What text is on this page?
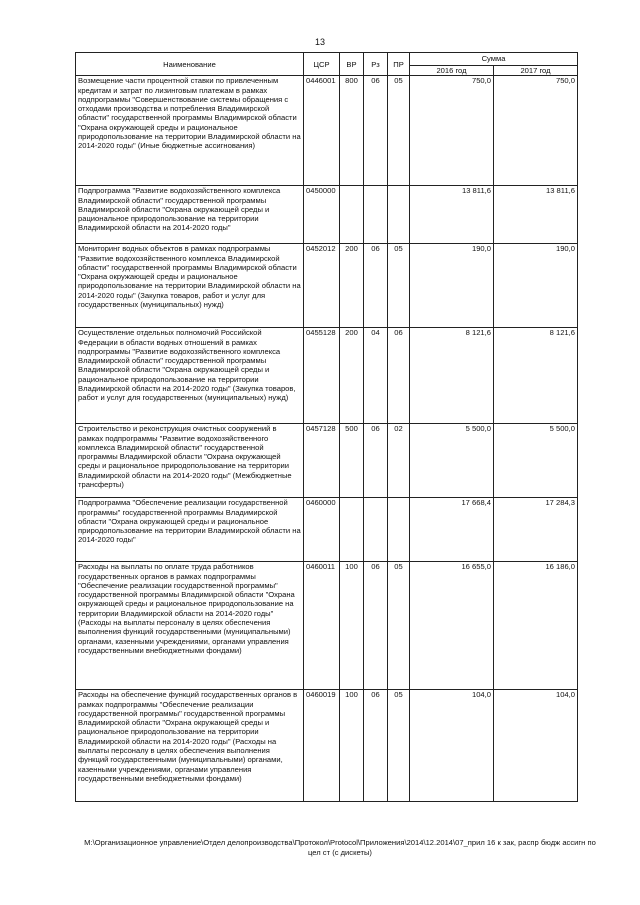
13
Наименование	ЦСР	ВР	Рз	ПР	Сумма	
					2016 год	2017 год
Возмещение части процентной ставки по привлеченным кредитам и затрат по лизинговым платежам в рамках подпрограммы "Совершенствование системы обращения с отходами производства и потребления Владимирской области" государственной программы Владимирской области "Охрана окружающей среды и рациональное природопользование на территории Владимирской области на 2014-2020 годы" (Иные бюджетные ассигнования)	0446001	800	06	05	750,0	750,0
Подпрограмма "Развитие водохозяйственного комплекса Владимирской области" государственной программы Владимирской области "Охрана окружающей среды и рациональное природопользование на территории Владимирской области на 2014-2020 годы"	0450000				13 811,6	13 811,6
Мониторинг водных объектов в рамках подпрограммы "Развитие водохозяйственного комплекса Владимирской области" государственной программы Владимирской области "Охрана окружающей среды и рациональное природопользование на территории Владимирской области на 2014-2020 годы" (Закупка товаров, работ и услуг для государственных (муниципальных) нужд)	0452012	200	06	05	190,0	190,0
Осуществление отдельных полномочий Российской Федерации в области водных отношений в рамках подпрограммы "Развитие водохозяйственного комплекса Владимирской области" государственной программы Владимирской области "Охрана окружающей среды и рациональное природопользование на территории Владимирской области на 2014-2020 годы" (Закупка товаров, работ и услуг для государственных (муниципальных) нужд)	0455128	200	04	06	8 121,6	8 121,6
Строительство и реконструкция очистных сооружений в рамках подпрограммы "Развитие водохозяйственного комплекса Владимирской области" государственной программы Владимирской области "Охрана окружающей среды и рациональное природопользование на территории Владимирской области на 2014-2020 годы" (Межбюджетные трансферты)	0457128	500	06	02	5 500,0	5 500,0
Подпрограмма "Обеспечение реализации государственной программы" государственной программы Владимирской области "Охрана окружающей среды и рациональное природопользование на территории Владимирской области на 2014-2020 годы"	0460000				17 668,4	17 284,3
Расходы на выплаты по оплате труда работников государственных органов в рамках подпрограммы "Обеспечение реализации государственной программы" государственной программы Владимирской области "Охрана окружающей среды и рациональное природопользование на территории Владимирской области на 2014-2020 годы" (Расходы на выплаты персоналу в целях обеспечения выполнения функций государственными (муниципальными) органами, казенными учреждениями, органами управления государственными внебюджетными фондами)	0460011	100	06	05	16 655,0	16 186,0
Расходы на обеспечение функций государственных органов в рамках подпрограммы "Обеспечение реализации государственной программы" государственной программы Владимирской области "Охрана окружающей среды и рациональное природопользование на территории Владимирской области на 2014-2020 годы" (Расходы на выплаты персоналу в целях обеспечения выполнения функций государственными (муниципальными) органами, казенными учреждениями, органами управления государственными внебюджетными фондами)	0460019	100	06	05	104,0	104,0
М:\Организационное управление\Отдел делопроизводства\Протокол\Protocol\Приложения\2014\12.2014\07_прил 16 к зак, распр бюдж ассигн по цел ст (с дискеты)
